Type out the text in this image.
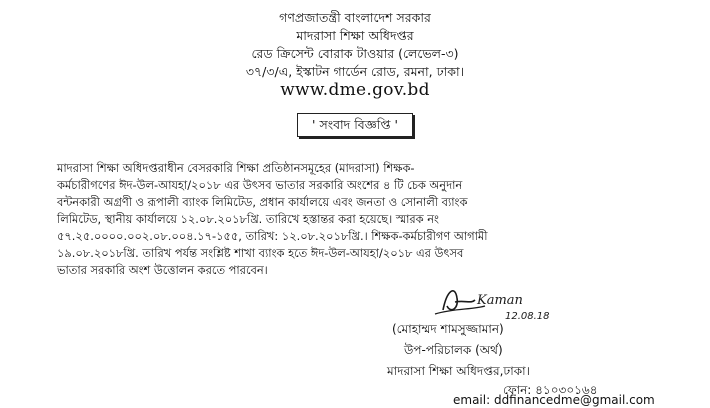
গণপ্রজাতন্ত্রী বাংলাদেশ সরকার
মাদরাসা শিক্ষা অধিদপ্তর
রেড ক্রিসেন্ট বোরাক টাওয়ার (লেভেল-৩)
৩৭/৩/এ, ইস্কাটন গার্ডেন রোড, রমনা, ঢাকা।
www.dme.gov.bd
' সংবাদ বিজ্ঞপ্তি '
মাদরাসা শিক্ষা অধিদপ্তরাধীন বেসরকারি শিক্ষা প্রতিষ্ঠানসমূহের (মাদরাসা) শিক্ষক-
কর্মচারীগণের ঈদ-উল-আযহা/২০১৮ এর উৎসব ভাতার সরকারি অংশের ৪ টি চেক অনুদান
বন্টনকারী অগ্রণী ও রূপালী ব্যাংক লিমিটেড, প্রধান কার্যালয়ে এবং জনতা ও সোনালী ব্যাংক
লিমিটেড, স্থানীয় কার্যালয়ে ১২.০৮.২০১৮খ্রি. তারিখে হস্তান্তর করা হয়েছে। স্মারক নং
৫৭.২৫.০০০০.০০২.০৮.০০৪.১৭-১৫৫, তারিখ: ১২.০৮.২০১৮খ্রি.। শিক্ষক-কর্মচারীগণ আগামী
১৯.০৮.২০১৮খ্রি. তারিখ পর্যন্ত সংশ্লিষ্ট শাখা ব্যাংক হতে ঈদ-উল-আযহা/২০১৮ এর উৎসব
ভাতার সরকারি অংশ উত্তোলন করতে পারবেন।
Kaman
12.08.18
(মোহাম্মদ শামসুজ্জামান)
উপ-পরিচালক (অর্থ)
মাদরাসা শিক্ষা অধিদপ্তর,ঢাকা।
ফোন: ৪১০৩০১৬৪
email: ddfinancedme@gmail.com
